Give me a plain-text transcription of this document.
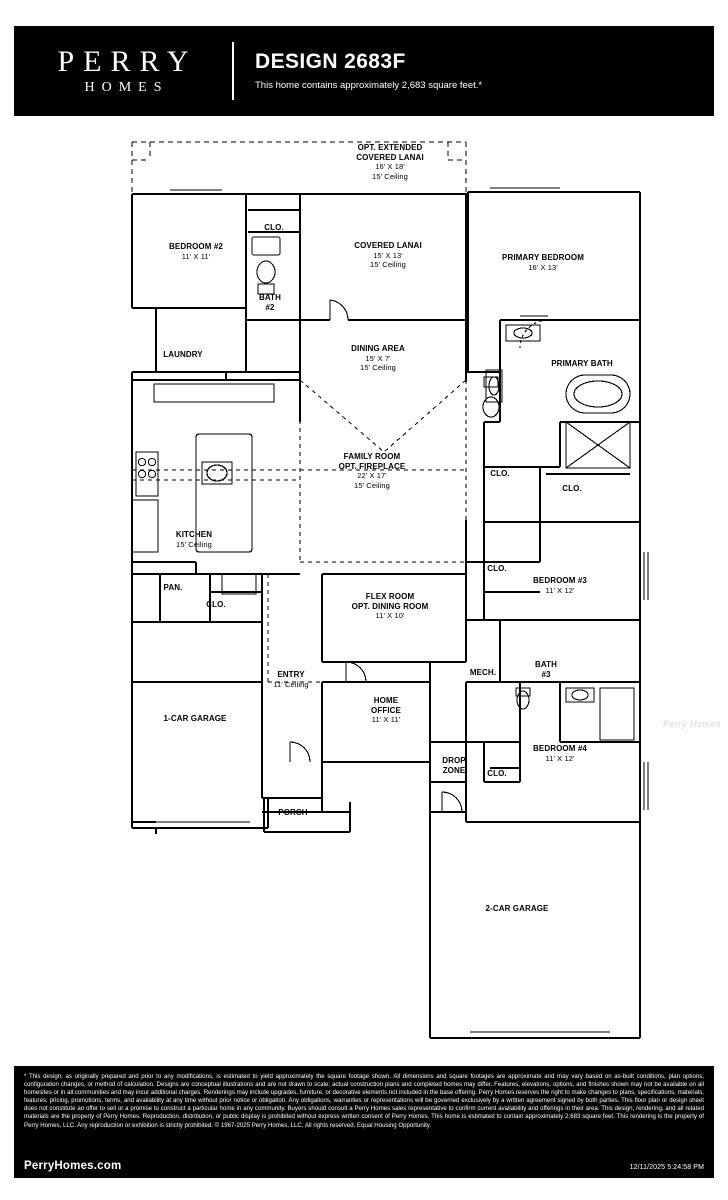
PERRY
HOMES
DESIGN 2683F
This home contains approximately 2,683 square feet.*
Perry Homes
OPT. EXTENDED
COVERED LANAI
16' X 18'
15' Ceiling
BEDROOM #2
11' X 11'
CLO.
COVERED LANAI
15' X 13'
15' Ceiling
PRIMARY BEDROOM
16' X 13'
BATH
#2
LAUNDRY
DINING AREA
15' X 7'
15' Ceiling	PRIMARY BATH
FAMILY ROOM
OPT. FIREPLACE
22' X 17'
15' Ceiling
CLO.
CLO.
KITCHEN
15' Ceiling
PAN.
CLO.
CLO.
BEDROOM #3
11' X 12'
FLEX ROOM
OPT. DINING ROOM
11' X 10'
MECH.
BATH
#3
ENTRY
11' Ceiling
HOME
OFFICE
11' X 11'
1-CAR GARAGE
BEDROOM #4
11' X 12'
DROP
ZONE	CLO.
PORCH
2-CAR GARAGE
* This design, as originally prepared and prior to any modifications, is estimated to yield approximately the square footage shown. All dimensions and square footages are approximate and may vary based on as-built conditions, plan options, configuration changes, or method of calculation. Designs are conceptual illustrations and are not drawn to scale; actual construction plans and completed homes may differ. Features, elevations, options, and finishes shown may not be available on all homesites or in all communities and may incur additional charges. Renderings may include upgrades, furniture, or decorative elements not included in the base offering. Perry Homes reserves the right to make changes to plans, specifications, materials, features, pricing, promotions, terms, and availability at any time without prior notice or obligation. Any obligations, warranties or representations will be governed exclusively by a written agreement signed by both parties. This floor plan or design sheet does not constitute an offer to sell or a promise to construct a particular home in any community. Buyers should consult a Perry Homes sales representative to confirm current availability and offerings in their area. This design, rendering, and all related materials are the property of Perry Homes. Reproduction, distribution, or public display is prohibited without express written consent of Perry Homes. This home is estimated to contain approximately 2,683 square feet. This rendering is the property of Perry Homes, LLC. Any reproduction or exhibition is strictly prohibited. © 1967-2025 Perry Homes, LLC. All rights reserved. Equal Housing Opportunity.
PerryHomes.com	12/11/2025 5:24:58 PM
